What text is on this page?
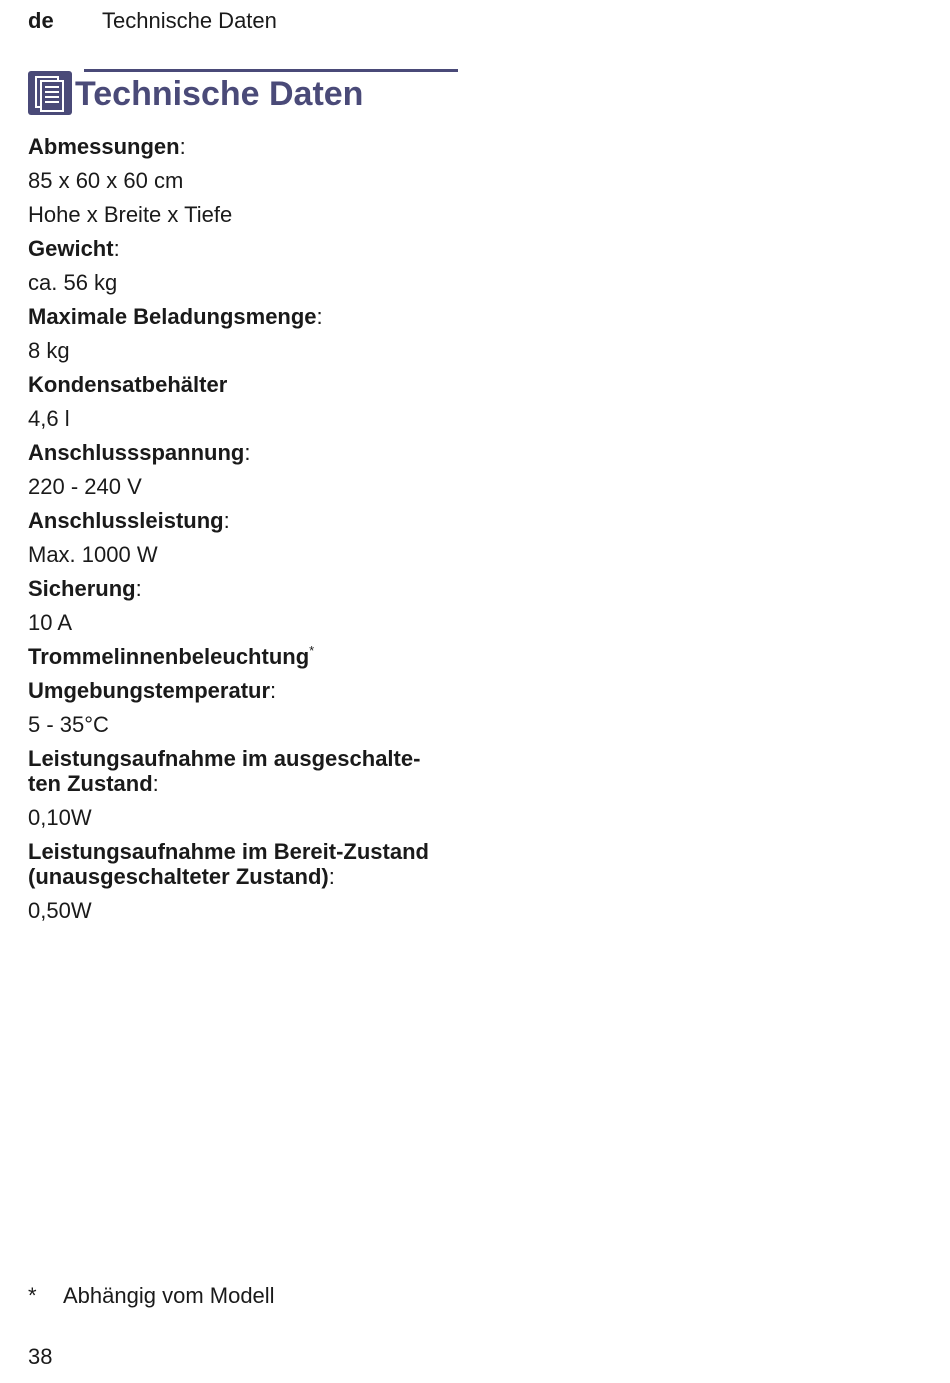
de Technische Daten
Technische Daten
Abmessungen:
85 x 60 x 60 cm
Hohe x Breite x Tiefe
Gewicht:
ca. 56 kg
Maximale Beladungsmenge:
8 kg
Kondensatbehälter
4,6 l
Anschlussspannung:
220 - 240 V
Anschlussleistung:
Max. 1000 W
Sicherung:
10 A
Trommelinnenbeleuchtung*
Umgebungstemperatur:
5 - 35°C
Leistungsaufnahme im ausgeschalte-
ten Zustand:
0,10W
Leistungsaufnahme im Bereit-Zustand
(unausgeschalteter Zustand):
0,50W
* Abhängig vom Modell
38
